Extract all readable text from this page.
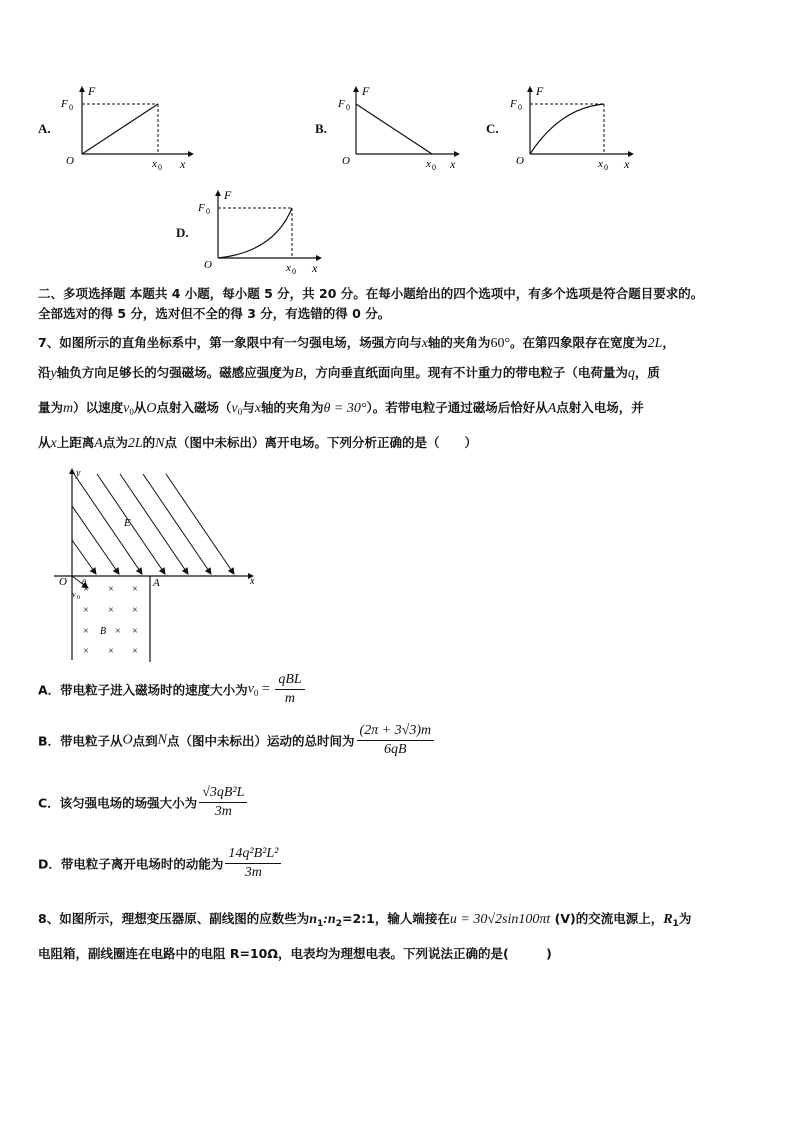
A.
F
F 0
O	x 0 x
B.
F
F 0
O	x 0 x
C.
F
F 0
O	x 0 x
D.
F
F 0
O	x 0 x
二、多项选择题 本题共 4 小题，每小题 5 分，共 20 分。在每小题给出的四个选项中，有多个选项是符合题目要求的。
全部选对的得 5 分，选对但不全的得 3 分，有选错的得 0 分。
7、如图所示的直角坐标系中，第一象限中有一匀强电场，场强方向与x轴的夹角为60°。在第四象限存在宽度为2L，
沿y轴负方向足够长的匀强磁场。磁感应强度为B，方向垂直纸面向里。现有不计重力的带电粒子（电荷量为q，质
量为m）以速度$v_0$从O点射入磁场（$v_0$与x轴的夹角为θ = 30°）。若带电粒子通过磁场后恰好从A点射入电场，并
从x上距离A点为2L的N点（图中未标出）离开电场。下列分析正确的是（　　）
y
x
O	A
E
θ
v 0
× × ×
× × ×
×	× ×
× × ×
B
A．带电粒子进入磁场时的速度大小为$v_0 = \frac{\text{qBL}}{m}$
B．带电粒子从O点到N点（图中未标出）运动的总时间为 $\frac{(2\pi + 3√3)m}{6qB}$
C．该匀强电场的场强大小为 $\frac{\text{√3qB²L}}{3m}$
D．带电粒子离开电场时的动能为 $\frac{\text{14q²B²L²}}{3m}$
8、如图所示，理想变压器原、副线图的应数些为$n_1:n_2=2:1$，输人端接在u = 30√2sin100πt (V)的交流电源上，$R_1$为
电阻箱，副线圈连在电路中的电阻 R=10Ω，电表均为理想电表。下列说法正确的是(　　　)
